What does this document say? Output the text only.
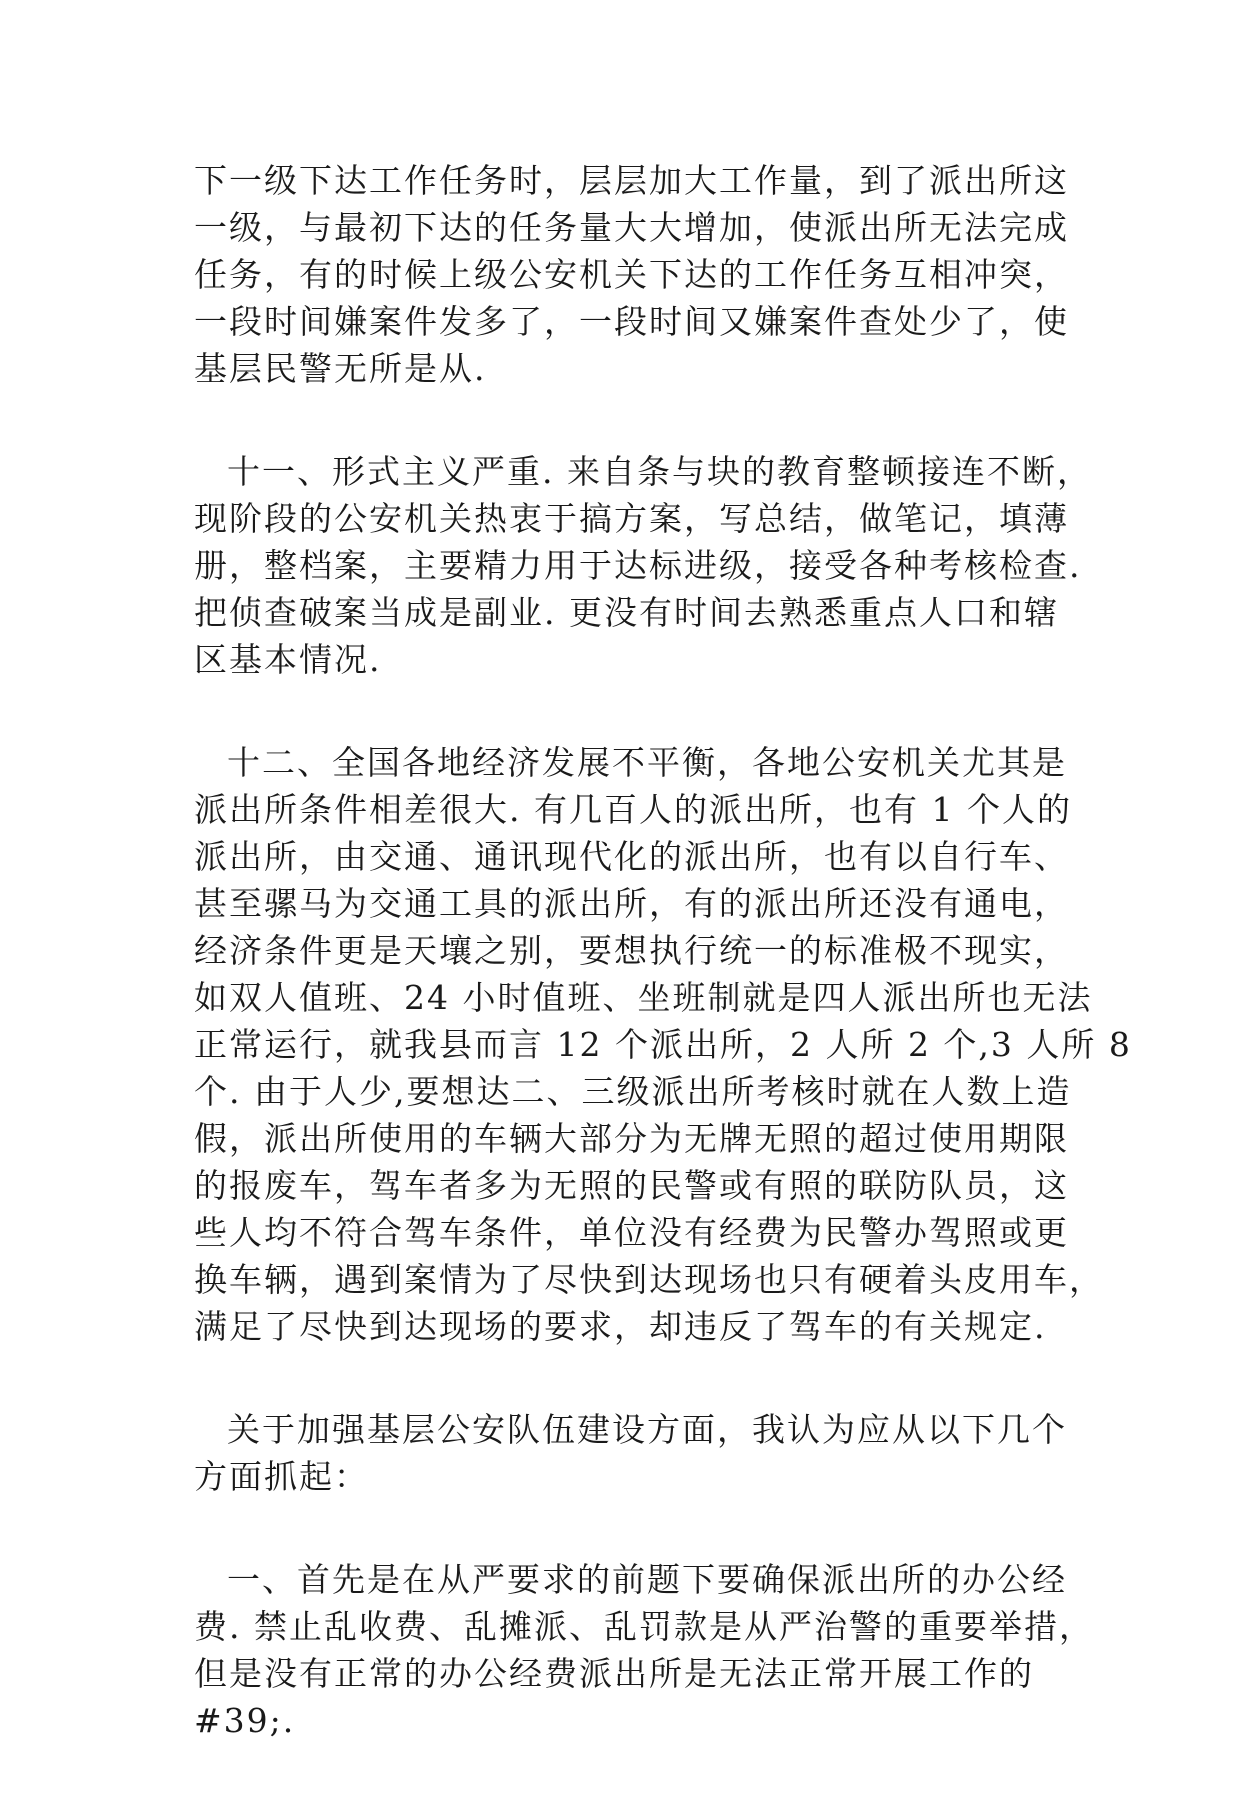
下一级下达工作任务时，层层加大工作量，到了派出所这
一级，与最初下达的任务量大大增加，使派出所无法完成
任务，有的时候上级公安机关下达的工作任务互相冲突，
一段时间嫌案件发多了，一段时间又嫌案件查处少了，使
基层民警无所是从.
十一、形式主义严重. 来自条与块的教育整顿接连不断，
现阶段的公安机关热衷于搞方案，写总结，做笔记，填薄
册，整档案，主要精力用于达标进级，接受各种考核检查.
把侦查破案当成是副业. 更没有时间去熟悉重点人口和辖
区基本情况.
十二、全国各地经济发展不平衡，各地公安机关尤其是
派出所条件相差很大. 有几百人的派出所，也有 1 个人的
派出所，由交通、通讯现代化的派出所，也有以自行车、
甚至骡马为交通工具的派出所，有的派出所还没有通电，
经济条件更是天壤之别，要想执行统一的标准极不现实，
如双人值班、24 小时值班、坐班制就是四人派出所也无法
正常运行，就我县而言 12 个派出所，2 人所 2 个,3 人所 8
个. 由于人少,要想达二、三级派出所考核时就在人数上造
假，派出所使用的车辆大部分为无牌无照的超过使用期限
的报废车，驾车者多为无照的民警或有照的联防队员，这
些人均不符合驾车条件，单位没有经费为民警办驾照或更
换车辆，遇到案情为了尽快到达现场也只有硬着头皮用车，
满足了尽快到达现场的要求，却违反了驾车的有关规定.
关于加强基层公安队伍建设方面，我认为应从以下几个
方面抓起：
一、首先是在从严要求的前题下要确保派出所的办公经
费. 禁止乱收费、乱摊派、乱罚款是从严治警的重要举措，
但是没有正常的办公经费派出所是无法正常开展工作的
#39;.
